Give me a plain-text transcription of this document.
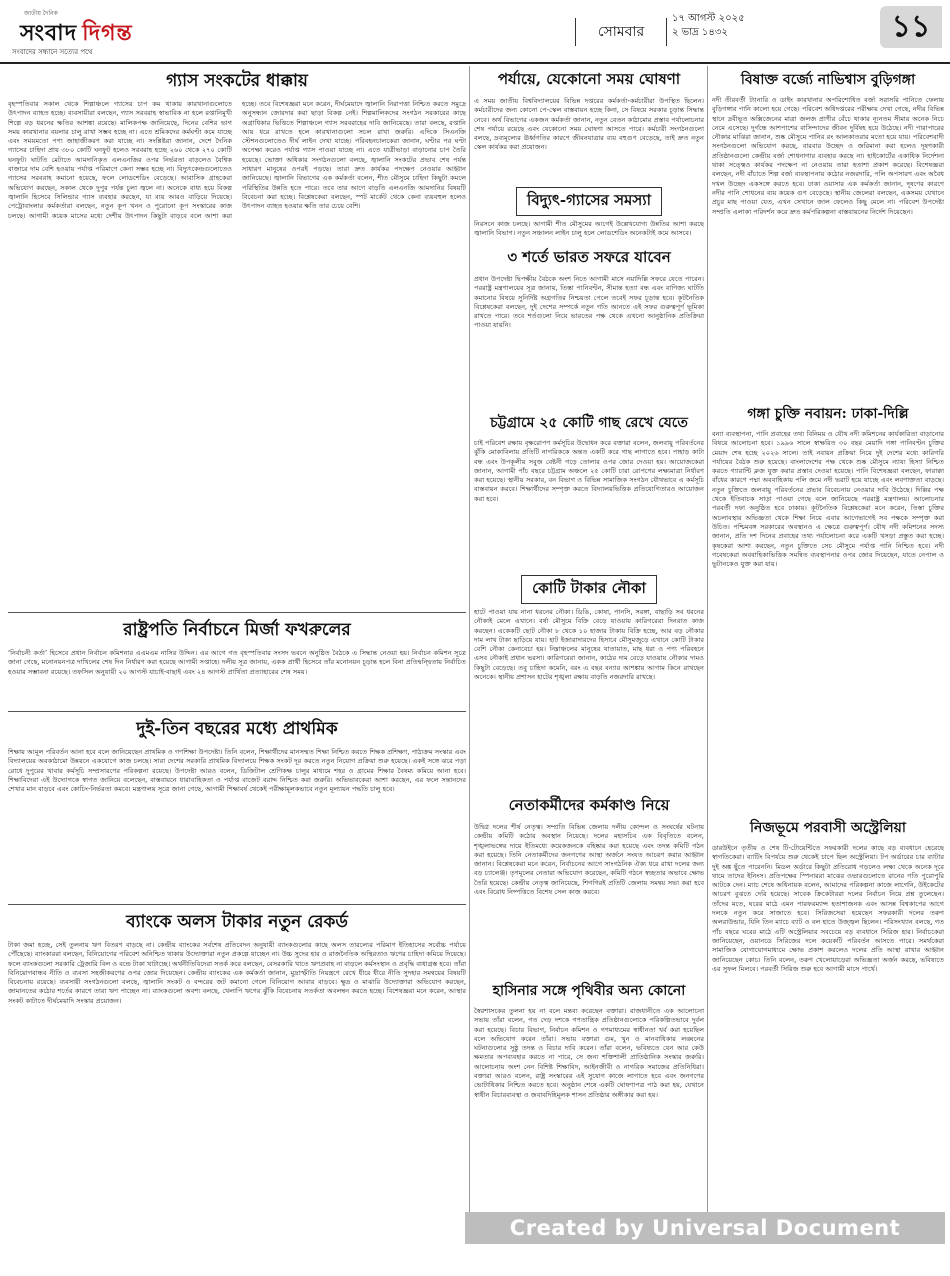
জাতীয় দৈনিক
সংবাদ দিগন্ত
সংবাদের সন্ধানে সত্যের পথে
সোমবার
১৭ আগস্ট ২০২৫
২ ভাদ্র ১৪৩২	১১
গ্যাস সংকটের ধাক্কায়

বৃহস্পতিবার সকাল থেকে শিল্পাঞ্চলে গ্যাসের চাপ কম থাকায় কারখানাগুলোতে উৎপাদন ব্যাহত হচ্ছে। ব্যবসায়ীরা বলছেন, গ্যাস সরবরাহ স্বাভাবিক না হলে রপ্তানিমুখী শিল্পে বড় ধরনের ক্ষতির আশঙ্কা রয়েছে। মালিকপক্ষ জানিয়েছে, দিনের বেশির ভাগ সময় কারখানার বয়লার চালু রাখা সম্ভব হচ্ছে না। এতে শ্রমিকদের কর্মঘণ্টা কমে যাচ্ছে এবং সময়মতো পণ্য জাহাজীকরণ করা যাচ্ছে না। সংশ্লিষ্টরা জানান, দেশে দৈনিক গ্যাসের চাহিদা প্রায় ৩৮০ কোটি ঘনফুট হলেও সরবরাহ হচ্ছে ২৬০ থেকে ২৭০ কোটি ঘনফুট। ঘাটতি মেটাতে আমদানিকৃত এলএনজির ওপর নির্ভরতা বাড়লেও বৈশ্বিক বাজারে দাম বেশি হওয়ায় পর্যাপ্ত পরিমাণে কেনা সম্ভব হচ্ছে না। বিদ্যুৎকেন্দ্রগুলোতেও গ্যাসের সরবরাহ কমানো হয়েছে, ফলে লোডশেডিং বেড়েছে। আবাসিক গ্রাহকেরা অভিযোগ করছেন, সকাল থেকে দুপুর পর্যন্ত চুলা জ্বলে না। অনেকে বাধ্য হয়ে বিকল্প জ্বালানি হিসেবে সিলিন্ডার গ্যাস ব্যবহার করছেন, যা ব্যয় আরও বাড়িয়ে দিয়েছে। পেট্রোবাংলার কর্মকর্তারা বলছেন, নতুন কূপ খনন ও পুরোনো কূপ সংস্কারের কাজ চলছে। আগামী কয়েক মাসের মধ্যে দেশীয় উৎপাদন কিছুটা বাড়বে বলে আশা করা হচ্ছে। তবে বিশেষজ্ঞরা মনে করেন, দীর্ঘমেয়াদে জ্বালানি নিরাপত্তা নিশ্চিত করতে সমুদ্রে অনুসন্ধান জোরদার করা ছাড়া বিকল্প নেই। শিল্পমালিকদের সংগঠন সরকারের কাছে অগ্রাধিকার ভিত্তিতে শিল্পাঞ্চলে গ্যাস সরবরাহের দাবি জানিয়েছে। তারা বলছে, রপ্তানি আয় ধরে রাখতে হলে কারখানাগুলো সচল রাখা জরুরি। এদিকে সিএনজি স্টেশনগুলোতেও দীর্ঘ লাইন দেখা যাচ্ছে। পরিবহনচালকেরা জানান, ঘণ্টার পর ঘণ্টা অপেক্ষা করেও পর্যাপ্ত গ্যাস পাওয়া যাচ্ছে না। এতে যাত্রীভাড়া বাড়ানোর চাপ তৈরি হয়েছে। ভোক্তা অধিকার সংগঠনগুলো বলছে, জ্বালানি সংকটের প্রভাব শেষ পর্যন্ত সাধারণ মানুষের ওপরই পড়ছে। তারা দ্রুত কার্যকর পদক্ষেপ নেওয়ার আহ্বান জানিয়েছে। জ্বালানি বিভাগের এক কর্মকর্তা বলেন, শীত মৌসুমে চাহিদা কিছুটা কমলে পরিস্থিতির উন্নতি হতে পারে। তবে তার আগে বাড়তি এলএনজি আমদানির বিষয়টি বিবেচনা করা হচ্ছে। বিশ্লেষকেরা বলছেন, স্পট মার্কেট থেকে কেনা ব্যয়বহুল হলেও উৎপাদন ব্যাহত হওয়ার ক্ষতি তার চেয়ে বেশি।

রাষ্ট্রপতি নির্বাচনে মির্জা ফখরুলের

‘নির্বাচনী কর্তা’ হিসেবে প্রধান নির্বাচন কমিশনার এএমএম নাসির উদ্দিন। এর আগে গত বৃহস্পতিবার সংসদ ভবনে অনুষ্ঠিত বৈঠকে এ সিদ্ধান্ত নেওয়া হয়। নির্বাচন কমিশন সূত্রে জানা গেছে, মনোনয়নপত্র দাখিলের শেষ দিন নির্ধারণ করা হয়েছে আগামী সপ্তাহে। দলীয় সূত্র জানায়, একক প্রার্থী হিসেবে তাঁর মনোনয়ন চূড়ান্ত হলে বিনা প্রতিদ্বন্দ্বিতায় নির্বাচিত হওয়ার সম্ভাবনা রয়েছে। তফসিল অনুযায়ী ২০ আগস্ট যাচাই-বাছাই এবং ২৪ আগস্ট প্রার্থিতা প্রত্যাহারের শেষ সময়।

দুই-তিন বছরের মধ্যে প্রাথমিক

শিক্ষায় আমূল পরিবর্তন আনা হবে বলে জানিয়েছেন প্রাথমিক ও গণশিক্ষা উপদেষ্টা। তিনি বলেন, শিক্ষার্থীদের মানসম্মত শিক্ষা নিশ্চিত করতে শিক্ষক প্রশিক্ষণ, পাঠ্যক্রম সংস্কার এবং বিদ্যালয়ের অবকাঠামো উন্নয়নে একযোগে কাজ চলছে। সারা দেশের সরকারি প্রাথমিক বিদ্যালয়ে শিক্ষক সংকট দূর করতে নতুন নিয়োগ প্রক্রিয়া শুরু হয়েছে। একই সঙ্গে ঝরে পড়া রোধে দুপুরের খাবার কর্মসূচি সম্প্রসারণের পরিকল্পনা রয়েছে। উপদেষ্টা আরও বলেন, ডিজিটাল শ্রেণিকক্ষ চালুর মাধ্যমে শহর ও গ্রামের শিক্ষার বৈষম্য কমিয়ে আনা হবে। শিক্ষাবিদেরা এই উদ্যোগকে স্বাগত জানিয়ে বলেছেন, বাস্তবায়নে ধারাবাহিকতা ও পর্যাপ্ত বাজেট বরাদ্দ নিশ্চিত করা জরুরি। অভিভাবকেরা আশা করছেন, এর ফলে সন্তানদের শেখার মান বাড়বে এবং কোচিং-নির্ভরতা কমবে। মন্ত্রণালয় সূত্রে জানা গেছে, আগামী শিক্ষাবর্ষ থেকেই পরীক্ষামূলকভাবে নতুন মূল্যায়ন পদ্ধতি চালু হবে।

ব্যাংকে অলস টাকার নতুন রেকর্ড

টাকা জমা হচ্ছে, সেই তুলনায় ঋণ বিতরণ বাড়ছে না। কেন্দ্রীয় ব্যাংকের সর্বশেষ প্রতিবেদন অনুযায়ী ব্যাংকগুলোর কাছে অলস তারল্যের পরিমাণ ইতিহাসের সর্বোচ্চ পর্যায়ে পৌঁছেছে। ব্যাংকাররা বলছেন, বিনিয়োগের পরিবেশ অনিশ্চিত থাকায় উদ্যোক্তারা নতুন প্রকল্পে যাচ্ছেন না। উচ্চ সুদের হার ও রাজনৈতিক অস্থিরতাও ঋণের চাহিদা কমিয়ে দিয়েছে। ফলে ব্যাংকগুলো সরকারি ট্রেজারি বিল ও বন্ডে টাকা খাটাচ্ছে। অর্থনীতিবিদেরা সতর্ক করে বলছেন, বেসরকারি খাতে ঋণপ্রবাহ না বাড়লে কর্মসংস্থান ও প্রবৃদ্ধি বাধাগ্রস্ত হবে। তাঁরা বিনিয়োগবান্ধব নীতি ও ব্যবসা সহজীকরণের ওপর জোর দিয়েছেন। কেন্দ্রীয় ব্যাংকের এক কর্মকর্তা জানান, মুদ্রাস্ফীতি নিয়ন্ত্রণে রেখে ধীরে ধীরে নীতি সুদহার সমন্বয়ের বিষয়টি বিবেচনায় রয়েছে। ব্যবসায়ী সংগঠনগুলো বলছে, জ্বালানি সংকট ও বন্দরের জট কমানো গেলে বিনিয়োগ আবার বাড়বে। ক্ষুদ্র ও মাঝারি উদ্যোক্তারা অভিযোগ করছেন, জামানতের কঠোর শর্তের কারণে তারা ঋণ পাচ্ছেন না। ব্যাংকগুলো অবশ্য বলছে, খেলাপি ঋণের ঝুঁকি বিবেচনায় সতর্কতা অবলম্বন করতে হচ্ছে। বিশেষজ্ঞরা মনে করেন, আস্থার সংকট কাটাতে দীর্ঘমেয়াদি সংস্কার প্রয়োজন।

পর্যায়ে, যেকোনো সময় ঘোষণা

এ সময় জাতীয় বিশ্ববিদ্যালয়ের বিভিন্ন দপ্তরের কর্মকর্তা-কর্মচারীরা উপস্থিত ছিলেন। কর্মচারীদের জন্য কোনো পে-স্কেল বাস্তবায়ন হচ্ছে কিনা, সে বিষয়ে সরকার চূড়ান্ত সিদ্ধান্ত নেবে। অর্থ বিভাগের একজন কর্মকর্তা জানান, নতুন বেতন কাঠামোর প্রস্তাব পর্যালোচনার শেষ পর্যায়ে রয়েছে এবং যেকোনো সময় ঘোষণা আসতে পারে। কর্মচারী সংগঠনগুলো বলছে, দ্রব্যমূল্যের ঊর্ধ্বগতির কারণে জীবনযাত্রার ব্যয় বহুগুণ বেড়েছে, তাই দ্রুত নতুন স্কেল কার্যকর করা প্রয়োজন।

বিদ্যুৎ-গ্যাসের সমস্যা

নিরসনে কাজ চলছে। আগামী শীত মৌসুমের আগেই উল্লেখযোগ্য উন্নতির আশা করছে জ্বালানি বিভাগ। নতুন সঞ্চালন লাইন চালু হলে লোডশেডিং অনেকটাই কমে আসবে।

৩ শর্তে ভারত সফরে যাবেন

প্রধান উপদেষ্টা দ্বিপক্ষীয় বৈঠকে অংশ নিতে আগামী মাসে নয়াদিল্লি সফরে যেতে পারেন। পররাষ্ট্র মন্ত্রণালয়ের সূত্র জানায়, তিস্তা পানিবণ্টন, সীমান্ত হত্যা বন্ধ এবং বাণিজ্য ঘাটতি কমানোর বিষয়ে সুনির্দিষ্ট অগ্রগতির নিশ্চয়তা পেলে তবেই সফর চূড়ান্ত হবে। কূটনৈতিক বিশ্লেষকেরা বলছেন, দুই দেশের সম্পর্কে নতুন গতি আনতে এই সফর গুরুত্বপূর্ণ ভূমিকা রাখতে পারে। তবে শর্তগুলো নিয়ে ভারতের পক্ষ থেকে এখনো আনুষ্ঠানিক প্রতিক্রিয়া পাওয়া যায়নি।

চট্টগ্রামে ২৫ কোটি গাছ রেখে যেতে

চাই পরিবেশ রক্ষায় বৃক্ষরোপণ কর্মসূচির উদ্বোধন করে বক্তারা বলেন, জলবায়ু পরিবর্তনের ঝুঁকি মোকাবিলায় প্রতিটি নাগরিককে অন্তত একটি করে গাছ লাগাতে হবে। পাহাড় কাটা বন্ধ এবং উপকূলীয় সবুজ বেষ্টনী গড়ে তোলার ওপর জোর দেওয়া হয়। আয়োজকেরা জানান, আগামী পাঁচ বছরে চট্টগ্রাম অঞ্চলে ২৫ কোটি চারা রোপণের লক্ষ্যমাত্রা নির্ধারণ করা হয়েছে। স্থানীয় সরকার, বন বিভাগ ও বিভিন্ন সামাজিক সংগঠন যৌথভাবে এ কর্মসূচি বাস্তবায়ন করবে। শিক্ষার্থীদের সম্পৃক্ত করতে বিদ্যালয়ভিত্তিক প্রতিযোগিতারও আয়োজন করা হবে।

কোটি টাকার নৌকা

হাটে পাওয়া যায় নানা ধরনের নৌকা। ডিঙি, কোষা, পানসি, সরঙ্গা, বাছাড়ি সব ধরনের নৌকাই মেলে এখানে। বর্ষা মৌসুমে বিক্রি বেড়ে যাওয়ায় কারিগরেরা দিনরাত কাজ করছেন। একেকটি ছোট নৌকা ৮ থেকে ১০ হাজার টাকায় বিক্রি হচ্ছে, আর বড় নৌকার দাম লাখ টাকা ছাড়িয়ে যায়। হাট ইজারাদারদের হিসাবে মৌসুমজুড়ে এখানে কোটি টাকার বেশি নৌকা কেনাবেচা হয়। নিম্নাঞ্চলের মানুষের যাতায়াত, মাছ ধরা ও পণ্য পরিবহনে এসব নৌকাই প্রধান ভরসা। কারিগরেরা জানান, কাঠের দাম বেড়ে যাওয়ায় নৌকার দামও কিছুটা বেড়েছে। তবু চাহিদা কমেনি, বরং এ বছর বন্যার আশঙ্কায় আগাম কিনে রাখছেন অনেকে। স্থানীয় প্রশাসন হাটের শৃঙ্খলা রক্ষায় বাড়তি নজরদারি রাখছে।

নেতাকর্মীদের কর্মকাণ্ড নিয়ে

উদ্বিগ্ন দলের শীর্ষ নেতৃত্ব। সম্প্রতি বিভিন্ন জেলায় দলীয় কোন্দল ও সংঘর্ষের ঘটনায় কেন্দ্রীয় কমিটি কঠোর অবস্থান নিয়েছে। দলের মহাসচিব এক বিবৃতিতে বলেন, শৃঙ্খলাভঙ্গের দায়ে ইতিমধ্যে কয়েকজনকে বহিষ্কার করা হয়েছে এবং তদন্ত কমিটি গঠন করা হয়েছে। তিনি নেতাকর্মীদের জনগণের আস্থা অর্জনে সংযত আচরণ করার আহ্বান জানান। বিশ্লেষকেরা মনে করেন, নির্বাচনের আগে সাংগঠনিক ঐক্য ধরে রাখা দলের জন্য বড় চ্যালেঞ্জ। তৃণমূলের নেতারা অভিযোগ করেছেন, কমিটি গঠনে স্বচ্ছতার অভাবে ক্ষোভ তৈরি হয়েছে। কেন্দ্রীয় নেতৃত্ব জানিয়েছে, শিগগিরই প্রতিটি জেলায় সমন্বয় সভা করা হবে এবং বিরোধ নিষ্পত্তিতে বিশেষ সেল কাজ করবে।

হাসিনার সঙ্গে পৃথিবীর অন্য কোনো

স্বৈরশাসকের তুলনা হয় না বলে মন্তব্য করেছেন বক্তারা। রাজধানীতে এক আলোচনা সভায় তাঁরা বলেন, গত দেড় দশকে গণতান্ত্রিক প্রতিষ্ঠানগুলোকে পরিকল্পিতভাবে দুর্বল করা হয়েছে। বিচার বিভাগ, নির্বাচন কমিশন ও গণমাধ্যমের স্বাধীনতা খর্ব করা হয়েছিল বলে অভিযোগ করেন তাঁরা। সভায় বক্তারা গুম, খুন ও মানবাধিকার লঙ্ঘনের ঘটনাগুলোর সুষ্ঠু তদন্ত ও বিচার দাবি করেন। তাঁরা বলেন, ভবিষ্যতে যেন আর কেউ ক্ষমতার অপব্যবহার করতে না পারে, সে জন্য শক্তিশালী প্রাতিষ্ঠানিক সংস্কার জরুরি। আলোচনায় অংশ নেন বিশিষ্ট শিক্ষাবিদ, আইনজীবী ও নাগরিক সমাজের প্রতিনিধিরা। বক্তারা আরও বলেন, রাষ্ট্র সংস্কারের এই সুযোগ কাজে লাগাতে হবে এবং জনগণের ভোটাধিকার নিশ্চিত করতে হবে। অনুষ্ঠান শেষে একটি ঘোষণাপত্র পাঠ করা হয়, যেখানে স্বাধীন বিচারব্যবস্থা ও জবাবদিহিমূলক শাসন প্রতিষ্ঠার অঙ্গীকার করা হয়।

বিষাক্ত বর্জ্যে নাভিশ্বাস বুড়িগঙ্গা

নদী তীরবর্তী ট্যানারি ও ডাইং কারখানার অপরিশোধিত বর্জ্য সরাসরি পানিতে ফেলায় বুড়িগঙ্গার পানি কালো হয়ে গেছে। পরিবেশ অধিদপ্তরের পরীক্ষায় দেখা গেছে, নদীর বিভিন্ন স্থানে দ্রবীভূত অক্সিজেনের মাত্রা জলজ প্রাণীর বেঁচে থাকার ন্যূনতম সীমার অনেক নিচে নেমে এসেছে। দুর্গন্ধে আশপাশের বাসিন্দাদের জীবন দুর্বিষহ হয়ে উঠেছে। নদী পারাপারের নৌকার মাঝিরা জানান, শুষ্ক মৌসুমে পানির রং আলকাতরার মতো হয়ে যায়। পরিবেশবাদী সংগঠনগুলো অভিযোগ করছে, বারবার উচ্ছেদ ও জরিমানা করা হলেও দূষণকারী প্রতিষ্ঠানগুলো কেন্দ্রীয় বর্জ্য শোধনাগার ব্যবহার করছে না। হাইকোর্টের একাধিক নির্দেশনা থাকা সত্ত্বেও কার্যকর পদক্ষেপ না নেওয়ায় তারা হতাশা প্রকাশ করেছে। বিশেষজ্ঞরা বলছেন, নদী বাঁচাতে শিল্প বর্জ্য ব্যবস্থাপনায় কঠোর নজরদারি, পলি অপসারণ এবং অবৈধ দখল উচ্ছেদ একসঙ্গে করতে হবে। ঢাকা ওয়াসার এক কর্মকর্তা জানান, দূষণের কারণে নদীর পানি শোধনের ব্যয় কয়েক গুণ বেড়েছে। স্থানীয় জেলেরা বলছেন, একসময় যেখানে প্রচুর মাছ পাওয়া যেত, এখন সেখানে জাল ফেলেও কিছু মেলে না। পরিবেশ উপদেষ্টা সম্প্রতি এলাকা পরিদর্শন করে দ্রুত কর্মপরিকল্পনা বাস্তবায়নের নির্দেশ দিয়েছেন।

গঙ্গা চুক্তি নবায়ন: ঢাকা-দিল্লি

বন্যা ব্যবস্থাপনা, পানি প্রবাহের তথ্য বিনিময় ও যৌথ নদী কমিশনের কার্যকারিতা বাড়ানোর বিষয়ে আলোচনা হবে। ১৯৯৬ সালে স্বাক্ষরিত ৩০ বছর মেয়াদি গঙ্গা পানিবণ্টন চুক্তির মেয়াদ শেষ হচ্ছে ২০২৬ সালে। তাই নবায়ন প্রক্রিয়া নিয়ে দুই দেশের মধ্যে কারিগরি পর্যায়ের বৈঠক শুরু হয়েছে। বাংলাদেশের পক্ষ থেকে শুষ্ক মৌসুমে ন্যায্য হিস্যা নিশ্চিত করতে গ্যারান্টি ক্লজ যুক্ত করার প্রস্তাব দেওয়া হয়েছে। পানি বিশেষজ্ঞরা বলছেন, ফারাক্কা বাঁধের কারণে পদ্মা অববাহিকায় পলি জমে নদী ভরাট হয়ে যাচ্ছে এবং লবণাক্ততা বাড়ছে। নতুন চুক্তিতে জলবায়ু পরিবর্তনের প্রভাব বিবেচনায় নেওয়ার দাবি উঠেছে। দিল্লির পক্ষ থেকে ইতিবাচক সাড়া পাওয়া গেছে বলে জানিয়েছে পররাষ্ট্র মন্ত্রণালয়। আলোচনার পরবর্তী দফা অনুষ্ঠিত হবে ঢাকায়। কূটনৈতিক বিশ্লেষকেরা মনে করেন, তিস্তা চুক্তির অচলাবস্থার অভিজ্ঞতা থেকে শিক্ষা নিয়ে এবার আগেভাগেই সব পক্ষকে সম্পৃক্ত করা উচিত। পশ্চিমবঙ্গ সরকারের অবস্থানও এ ক্ষেত্রে গুরুত্বপূর্ণ। যৌথ নদী কমিশনের সদস্য জানান, প্রতি দশ দিনের প্রবাহের তথ্য পর্যালোচনা করে একটি খসড়া প্রস্তুত করা হচ্ছে। কৃষকেরা আশা করছেন, নতুন চুক্তিতে সেচ মৌসুমে পর্যাপ্ত পানি নিশ্চিত হবে। নদী গবেষকেরা অববাহিকাভিত্তিক সমন্বিত ব্যবস্থাপনার ওপর জোর দিয়েছেন, যাতে নেপাল ও ভুটানকেও যুক্ত করা যায়।

নিজভূমে পরবাসী অস্ট্রেলিয়া

ডারউইনে তৃতীয় ও শেষ টি-টোয়েন্টিতে সফরকারী দলের কাছে বড় ব্যবধানে হেরেছে স্বাগতিকেরা। ব্যাটিং বিপর্যয়ে শুরু থেকেই চাপে ছিল অস্ট্রেলিয়া। টপ অর্ডারের চার ব্যাটার দুই অঙ্ক ছুঁতে পারেননি। মিডল অর্ডারে কিছুটা প্রতিরোধ গড়লেও লক্ষ্য থেকে অনেক দূরে থামে তাদের ইনিংস। প্রতিপক্ষের স্পিনাররা মাঝের ওভারগুলোতে রানের গতি পুরোপুরি আটকে দেন। ম্যাচ শেষে অধিনায়ক বলেন, আমাদের পরিকল্পনা কাজে লাগেনি, উইকেটের আচরণ বুঝতে দেরি হয়েছে। সাবেক ক্রিকেটাররা দলের নির্বাচন নিয়ে প্রশ্ন তুলেছেন। তাঁদের মতে, ঘরের মাঠে এমন পারফরম্যান্স হতাশাজনক এবং আসন্ন বিশ্বকাপের আগে দলকে নতুন করে সাজাতে হবে। সিরিজসেরা হয়েছেন সফরকারী দলের তরুণ অলরাউন্ডার, যিনি তিন ম্যাচে ব্যাট ও বল হাতে উজ্জ্বল ছিলেন। পরিসংখ্যান বলছে, গত পাঁচ বছরে ঘরের মাঠে এটি অস্ট্রেলিয়ার সবচেয়ে বড় ব্যবধানে সিরিজ হার। নির্বাচকেরা জানিয়েছেন, ওয়ানডে সিরিজের দলে কয়েকটি পরিবর্তন আসতে পারে। সমর্থকেরা সামাজিক যোগাযোগমাধ্যমে ক্ষোভ প্রকাশ করলেও দলের প্রতি আস্থা রাখার আহ্বান জানিয়েছেন কোচ। তিনি বলেন, তরুণ খেলোয়াড়েরা অভিজ্ঞতা অর্জন করছে, ভবিষ্যতে এর সুফল মিলবে। পরবর্তী সিরিজ শুরু হবে আগামী মাসে পার্থে।

Created by Universal Document Converter
